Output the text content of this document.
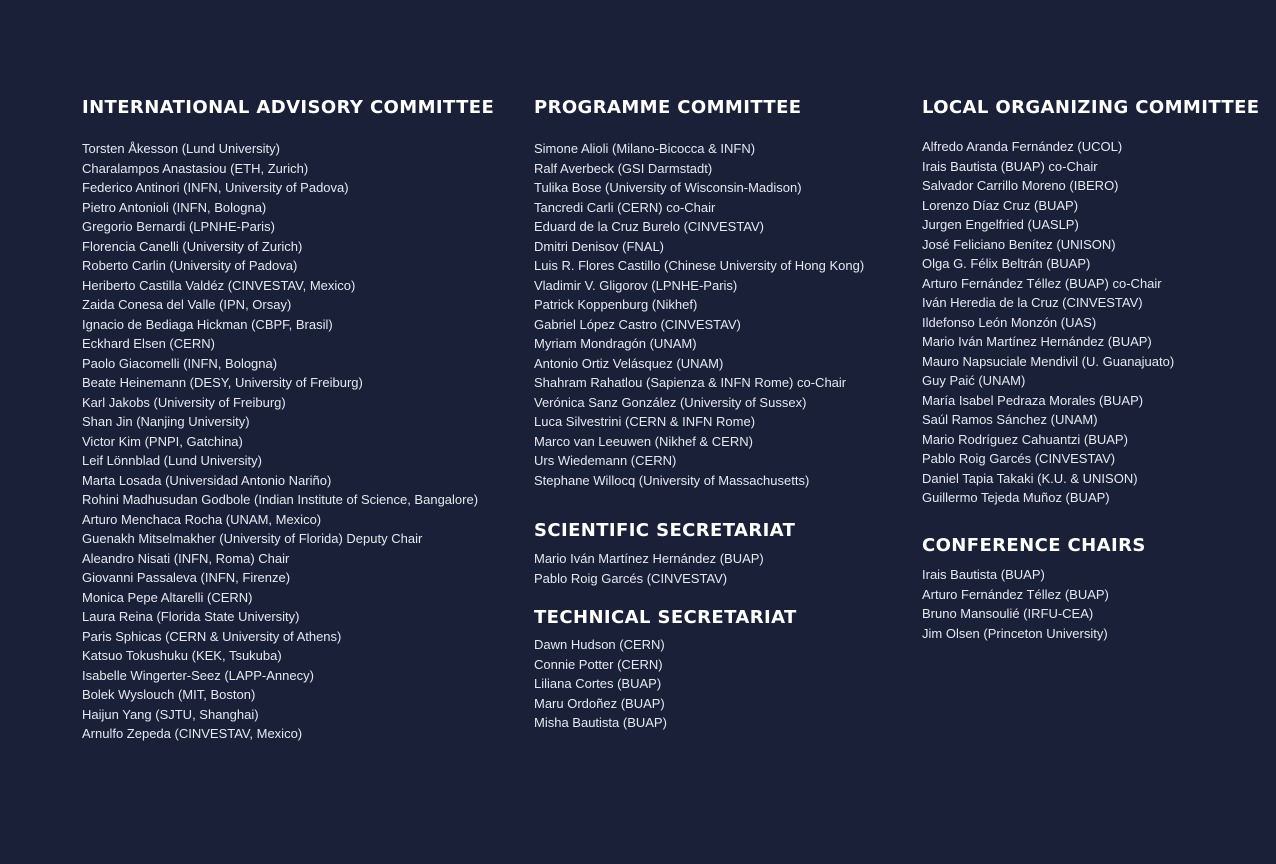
INTERNATIONAL ADVISORY COMMITTEE
Torsten Åkesson (Lund University)
Charalampos Anastasiou (ETH, Zurich)
Federico Antinori (INFN, University of Padova)
Pietro Antonioli (INFN, Bologna)
Gregorio Bernardi (LPNHE-Paris)
Florencia Canelli (University of Zurich)
Roberto Carlin (University of Padova)
Heriberto Castilla Valdéz (CINVESTAV, Mexico)
Zaida Conesa del Valle (IPN, Orsay)
Ignacio de Bediaga Hickman (CBPF, Brasil)
Eckhard Elsen (CERN)
Paolo Giacomelli (INFN, Bologna)
Beate Heinemann (DESY, University of Freiburg)
Karl Jakobs (University of Freiburg)
Shan Jin (Nanjing University)
Victor Kim (PNPI, Gatchina)
Leif Lönnblad (Lund University)
Marta Losada (Universidad Antonio Nariño)
Rohini Madhusudan Godbole (Indian Institute of Science, Bangalore)
Arturo Menchaca Rocha (UNAM, Mexico)
Guenakh Mitselmakher (University of Florida) Deputy Chair
Aleandro Nisati (INFN, Roma) Chair
Giovanni Passaleva (INFN, Firenze)
Monica Pepe Altarelli (CERN)
Laura Reina (Florida State University)
Paris Sphicas (CERN & University of Athens)
Katsuo Tokushuku (KEK, Tsukuba)
Isabelle Wingerter-Seez (LAPP-Annecy)
Bolek Wyslouch (MIT, Boston)
Haijun Yang (SJTU, Shanghai)
Arnulfo Zepeda (CINVESTAV, Mexico)
PROGRAMME COMMITTEE
Simone Alioli (Milano-Bicocca & INFN)
Ralf Averbeck (GSI Darmstadt)
Tulika Bose (University of Wisconsin-Madison)
Tancredi Carli (CERN) co-Chair
Eduard de la Cruz Burelo (CINVESTAV)
Dmitri Denisov (FNAL)
Luis R. Flores Castillo (Chinese University of Hong Kong)
Vladimir V. Gligorov (LPNHE-Paris)
Patrick Koppenburg (Nikhef)
Gabriel López Castro (CINVESTAV)
Myriam Mondragón (UNAM)
Antonio Ortiz Velásquez (UNAM)
Shahram Rahatlou (Sapienza & INFN Rome) co-Chair
Verónica Sanz González (University of Sussex)
Luca Silvestrini (CERN & INFN Rome)
Marco van Leeuwen (Nikhef & CERN)
Urs Wiedemann (CERN)
Stephane Willocq (University of Massachusetts)
SCIENTIFIC SECRETARIAT
Mario Iván Martínez Hernández (BUAP)
Pablo Roig Garcés (CINVESTAV)
TECHNICAL SECRETARIAT
Dawn Hudson (CERN)
Connie Potter (CERN)
Liliana Cortes (BUAP)
Maru Ordoñez (BUAP)
Misha Bautista (BUAP)
LOCAL ORGANIZING COMMITTEE
Alfredo Aranda Fernández (UCOL)
Irais Bautista (BUAP) co-Chair
Salvador Carrillo Moreno (IBERO)
Lorenzo Díaz Cruz (BUAP)
Jurgen Engelfried (UASLP)
José Feliciano Benítez (UNISON)
Olga G. Félix Beltrán (BUAP)
Arturo Fernández Téllez (BUAP) co-Chair
Iván Heredia de la Cruz (CINVESTAV)
Ildefonso León Monzón (UAS)
Mario Iván Martínez Hernández (BUAP)
Mauro Napsuciale Mendivil (U. Guanajuato)
Guy Paić (UNAM)
María Isabel Pedraza Morales (BUAP)
Saúl Ramos Sánchez (UNAM)
Mario Rodríguez Cahuantzi (BUAP)
Pablo Roig Garcés (CINVESTAV)
Daniel Tapia Takaki (K.U. & UNISON)
Guillermo Tejeda Muñoz (BUAP)
CONFERENCE CHAIRS
Irais Bautista (BUAP)
Arturo Fernández Téllez (BUAP)
Bruno Mansoulié (IRFU-CEA)
Jim Olsen (Princeton University)
